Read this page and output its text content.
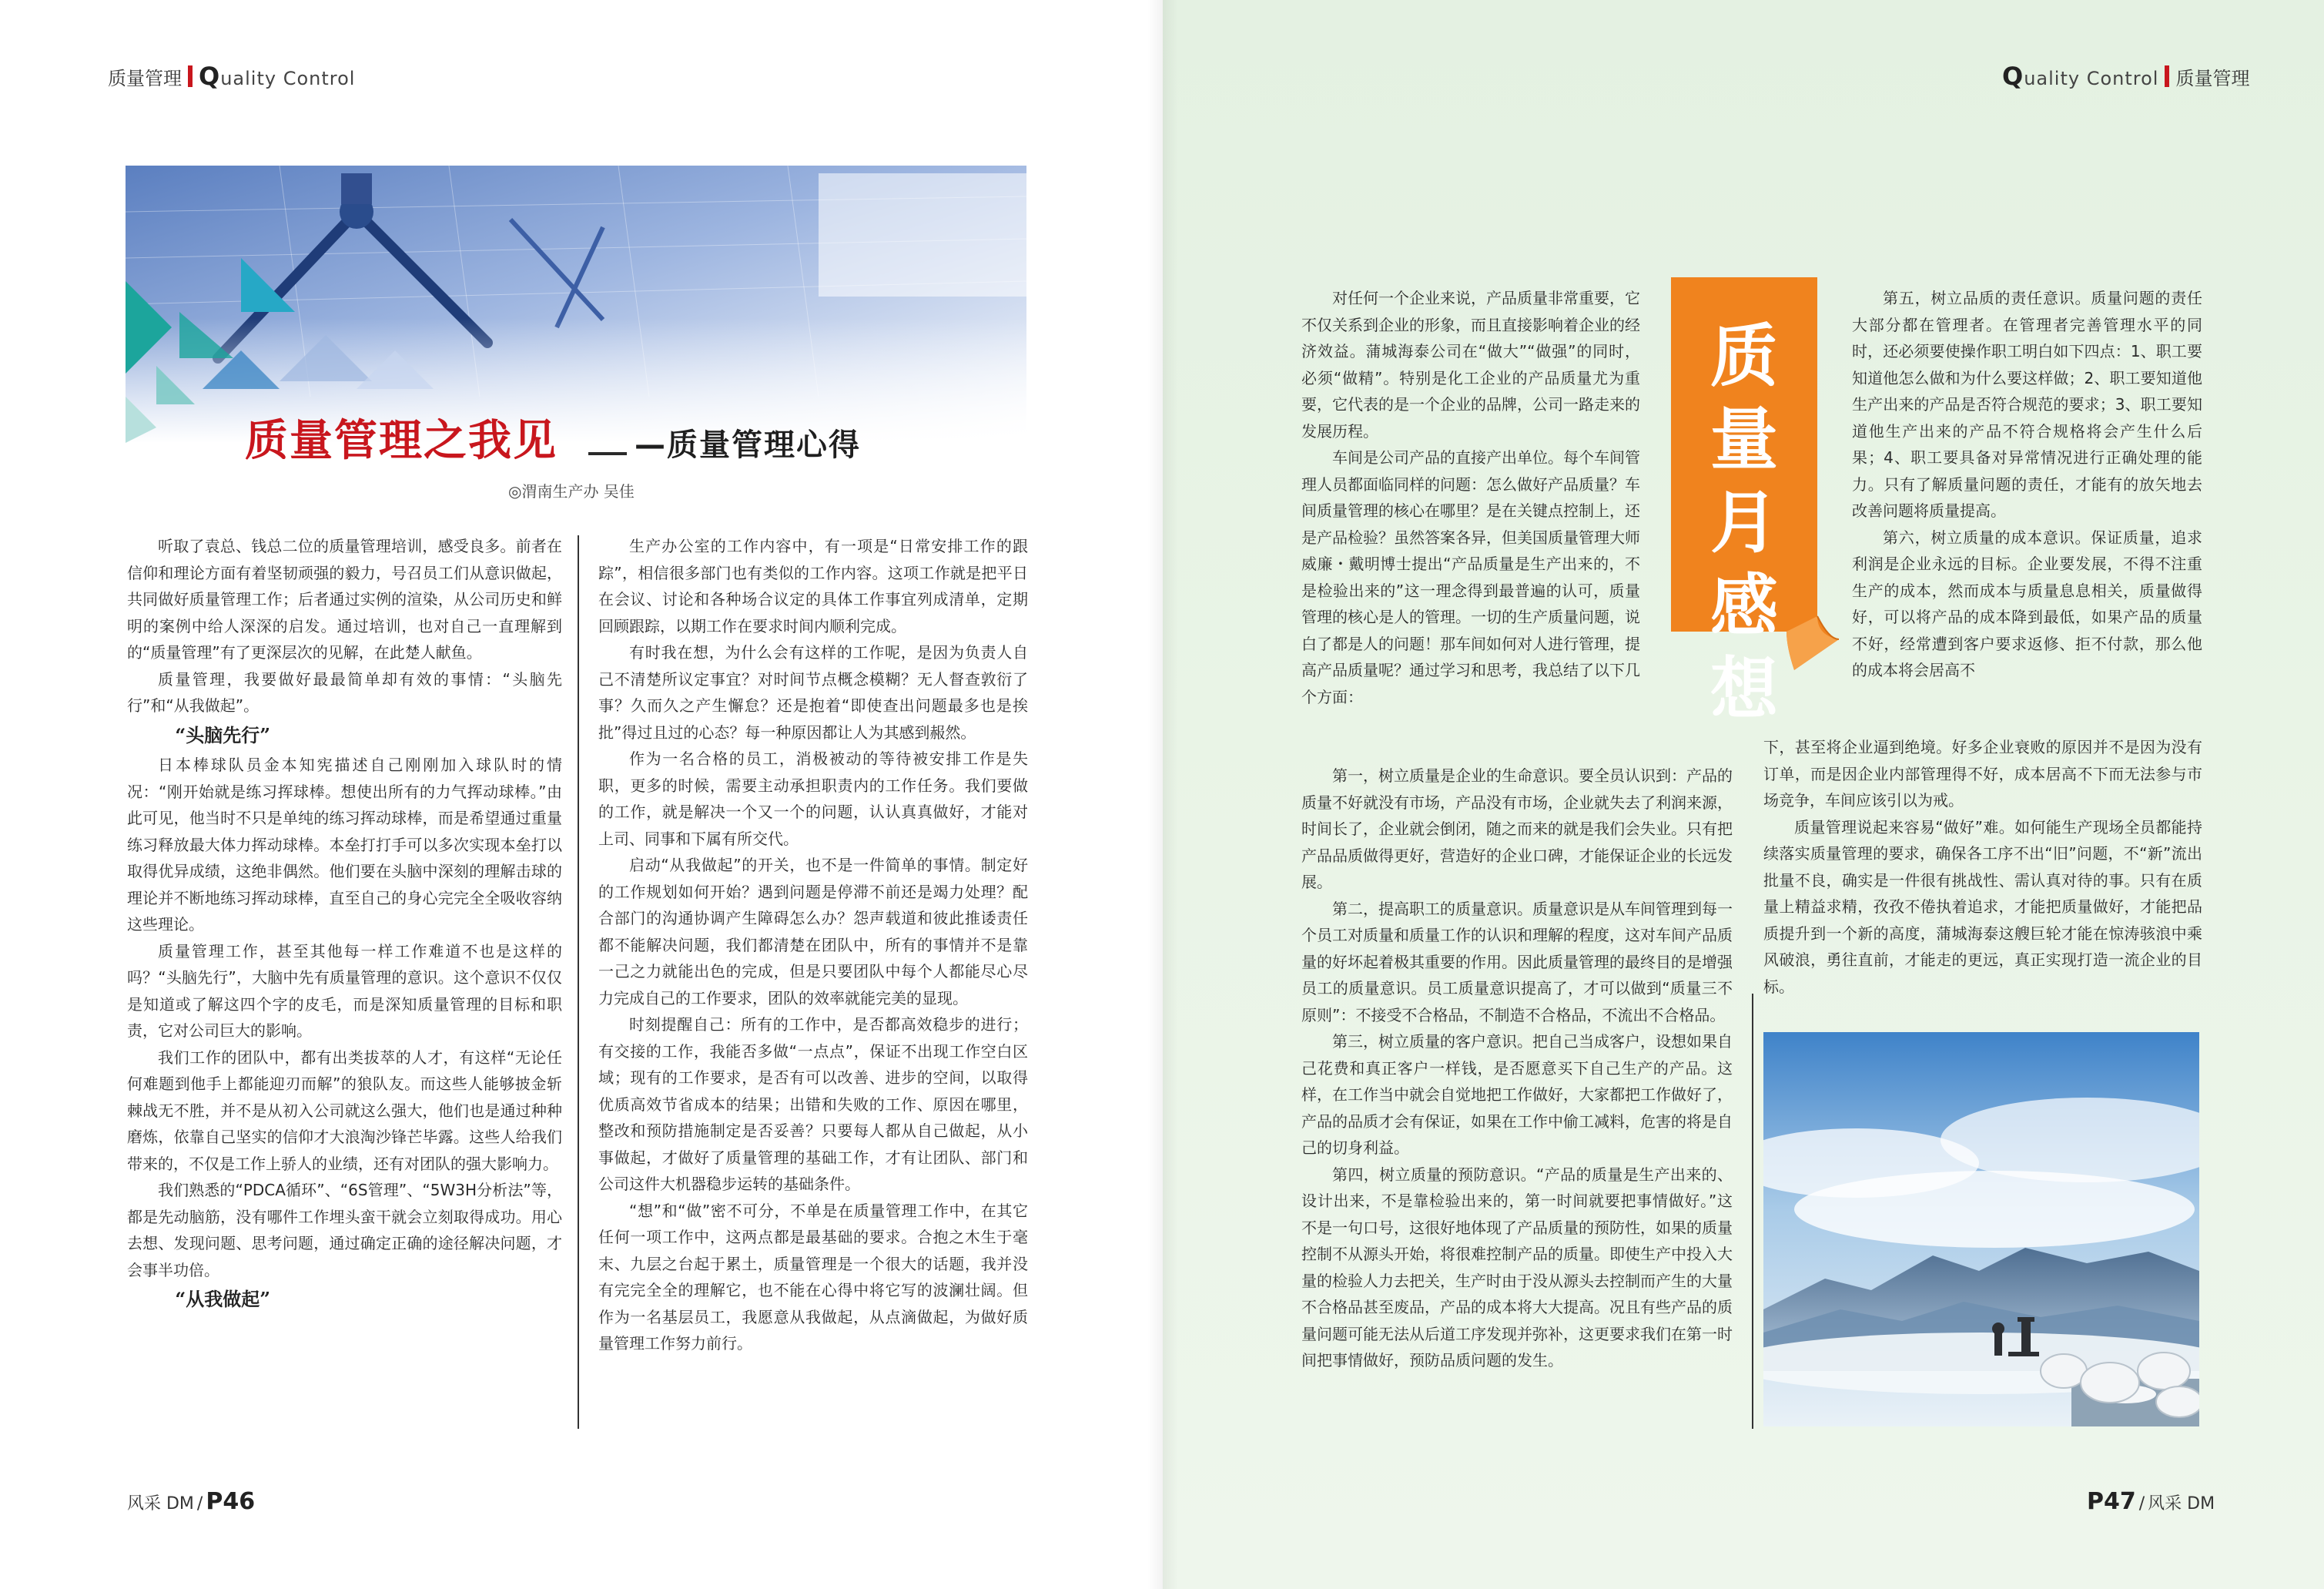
质量管理 Quality Control
质量管理之我见	—质量管理心得
◎渭南生产办 吴佳

听取了袁总、钱总二位的质量管理培训，感受良多。前者在信仰和理论方面有着坚韧顽强的毅力，号召员工们从意识做起，共同做好质量管理工作；后者通过实例的渲染，从公司历史和鲜明的案例中给人深深的启发。通过培训，也对自己一直理解到的“质量管理”有了更深层次的见解，在此楚人献鱼。

质量管理，我要做好最最简单却有效的事情：“头脑先行”和“从我做起”。

“头脑先行”

日本棒球队员金本知宪描述自己刚刚加入球队时的情况：“刚开始就是练习挥球棒。想使出所有的力气挥动球棒。”由此可见，他当时不只是单纯的练习挥动球棒，而是希望通过重量练习释放最大体力挥动球棒。本垒打打手可以多次实现本垒打以取得优异成绩，这绝非偶然。他们要在头脑中深刻的理解击球的理论并不断地练习挥动球棒，直至自己的身心完完全全吸收容纳这些理论。

质量管理工作，甚至其他每一样工作难道不也是这样的吗？“头脑先行”，大脑中先有质量管理的意识。这个意识不仅仅是知道或了解这四个字的皮毛，而是深知质量管理的目标和职责，它对公司巨大的影响。

我们工作的团队中，都有出类拔萃的人才，有这样“无论任何难题到他手上都能迎刃而解”的狼队友。而这些人能够披金斩棘战无不胜，并不是从初入公司就这么强大，他们也是通过种种磨炼，依靠自己坚实的信仰才大浪淘沙锋芒毕露。这些人给我们带来的，不仅是工作上骄人的业绩，还有对团队的强大影响力。

我们熟悉的“PDCA循环”、“6S管理”、“5W3H分析法”等，都是先动脑筋，没有哪件工作埋头蛮干就会立刻取得成功。用心去想、发现问题、思考问题，通过确定正确的途径解决问题，才会事半功倍。

“从我做起”

生产办公室的工作内容中，有一项是“日常安排工作的跟踪”，相信很多部门也有类似的工作内容。这项工作就是把平日在会议、讨论和各种场合议定的具体工作事宜列成清单，定期回顾跟踪，以期工作在要求时间内顺利完成。

有时我在想，为什么会有这样的工作呢，是因为负责人自己不清楚所议定事宜？对时间节点概念模糊？无人督查敦衍了事？久而久之产生懈怠？还是抱着“即使查出问题最多也是挨批”得过且过的心态？每一种原因都让人为其感到赧然。

作为一名合格的员工，消极被动的等待被安排工作是失职，更多的时候，需要主动承担职责内的工作任务。我们要做的工作，就是解决一个又一个的问题，认认真真做好，才能对上司、同事和下属有所交代。

启动“从我做起”的开关，也不是一件简单的事情。制定好的工作规划如何开始？遇到问题是停滞不前还是竭力处理？配合部门的沟通协调产生障碍怎么办？怨声载道和彼此推诿责任都不能解决问题，我们都清楚在团队中，所有的事情并不是靠一己之力就能出色的完成，但是只要团队中每个人都能尽心尽力完成自己的工作要求，团队的效率就能完美的显现。

时刻提醒自己：所有的工作中，是否都高效稳步的进行；有交接的工作，我能否多做“一点点”，保证不出现工作空白区域；现有的工作要求，是否有可以改善、进步的空间，以取得优质高效节省成本的结果；出错和失败的工作、原因在哪里，整改和预防措施制定是否妥善？只要每人都从自己做起，从小事做起，才做好了质量管理的基础工作，才有让团队、部门和公司这件大机器稳步运转的基础条件。

“想”和“做”密不可分，不单是在质量管理工作中，在其它任何一项工作中，这两点都是最基础的要求。合抱之木生于毫末、九层之台起于累土，质量管理是一个很大的话题，我并没有完完全全的理解它，也不能在心得中将它写的波澜壮阔。但作为一名基层员工，我愿意从我做起，从点滴做起，为做好质量管理工作努力前行。

风采 DM / P46
Quality Control 质量管理

对任何一个企业来说，产品质量非常重要，它不仅关系到企业的形象，而且直接影响着企业的经济效益。蒲城海泰公司在“做大”“做强”的同时，必须“做精”。特别是化工企业的产品质量尤为重要，它代表的是一个企业的品牌，公司一路走来的发展历程。

车间是公司产品的直接产出单位。每个车间管理人员都面临同样的问题：怎么做好产品质量？车间质量管理的核心在哪里？是在关键点控制上，还是产品检验？虽然答案各异，但美国质量管理大师威廉・戴明博士提出“产品质量是生产出来的，不是检验出来的”这一理念得到最普遍的认可，质量管理的核心是人的管理。一切的生产质量问题，说白了都是人的问题！那车间如何对人进行管理，提高产品质量呢？通过学习和思考，我总结了以下几个方面：

第一，树立质量是企业的生命意识。要全员认识到：产品的质量不好就没有市场，产品没有市场，企业就失去了利润来源，时间长了，企业就会倒闭，随之而来的就是我们会失业。只有把产品品质做得更好，营造好的企业口碑，才能保证企业的长远发展。

第二，提高职工的质量意识。质量意识是从车间管理到每一个员工对质量和质量工作的认识和理解的程度，这对车间产品质量的好坏起着极其重要的作用。因此质量管理的最终目的是增强员工的质量意识。员工质量意识提高了，才可以做到“质量三不原则”：不接受不合格品，不制造不合格品，不流出不合格品。

第三，树立质量的客户意识。把自己当成客户，设想如果自己花费和真正客户一样钱，是否愿意买下自己生产的产品。这样，在工作当中就会自觉地把工作做好，大家都把工作做好了，产品的品质才会有保证，如果在工作中偷工减料，危害的将是自己的切身利益。

第四，树立质量的预防意识。“产品的质量是生产出来的、设计出来，不是靠检验出来的，第一时间就要把事情做好。”这不是一句口号，这很好地体现了产品质量的预防性，如果的质量控制不从源头开始，将很难控制产品的质量。即使生产中投入大量的检验人力去把关，生产时由于没从源头去控制而产生的大量不合格品甚至废品，产品的成本将大大提高。况且有些产品的质量问题可能无法从后道工序发现并弥补，这更要求我们在第一时间把事情做好，预防品质问题的发生。

质
量
月
感
想

第五，树立品质的责任意识。质量问题的责任大部分都在管理者。在管理者完善管理水平的同时，还必须要使操作职工明白如下四点：1、职工要知道他怎么做和为什么要这样做；2、职工要知道他生产出来的产品是否符合规范的要求；3、职工要知道他生产出来的产品不符合规格将会产生什么后果；4、职工要具备对异常情况进行正确处理的能力。只有了解质量问题的责任，才能有的放矢地去改善问题将质量提高。

第六，树立质量的成本意识。保证质量，追求利润是企业永远的目标。企业要发展，不得不注重生产的成本，然而成本与质量息息相关，质量做得好，可以将产品的成本降到最低，如果产品的质量不好，经常遭到客户要求返修、拒不付款，那么他的成本将会居高不

下，甚至将企业逼到绝境。好多企业衰败的原因并不是因为没有订单，而是因企业内部管理得不好，成本居高不下而无法参与市场竞争，车间应该引以为戒。

质量管理说起来容易“做好”难。如何能生产现场全员都能持续落实质量管理的要求，确保各工序不出“旧”问题，不“新”流出批量不良，确实是一件很有挑战性、需认真对待的事。只有在质量上精益求精，孜孜不倦执着追求，才能把质量做好，才能把品质提升到一个新的高度，蒲城海泰这艘巨轮才能在惊涛骇浪中乘风破浪，勇往直前，才能走的更远，真正实现打造一流企业的目标。

P47 / 风采 DM
